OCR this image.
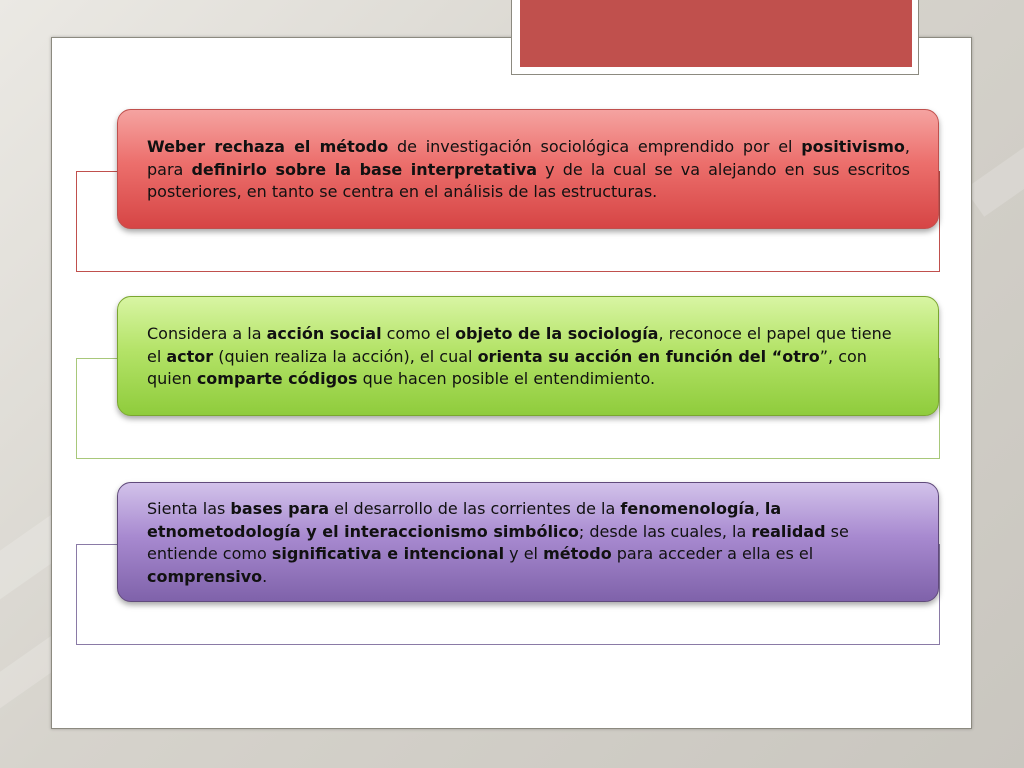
Weber rechaza el método de investigación sociológica emprendido por el positivismo, para definirlo sobre la base interpretativa y de la cual se va alejando en sus escritos posteriores, en tanto se centra en el análisis de las estructuras.

Considera a la acción social como el objeto de la sociología, reconoce el papel que tiene el actor (quien realiza la acción), el cual orienta su acción en función del “otro”, con quien comparte códigos que hacen posible el entendimiento.

Sienta las bases para el desarrollo de las corrientes de la fenomenología, la etnometodología y el interaccionismo simbólico; desde las cuales, la realidad se entiende como significativa e intencional y el método para acceder a ella es el comprensivo.
